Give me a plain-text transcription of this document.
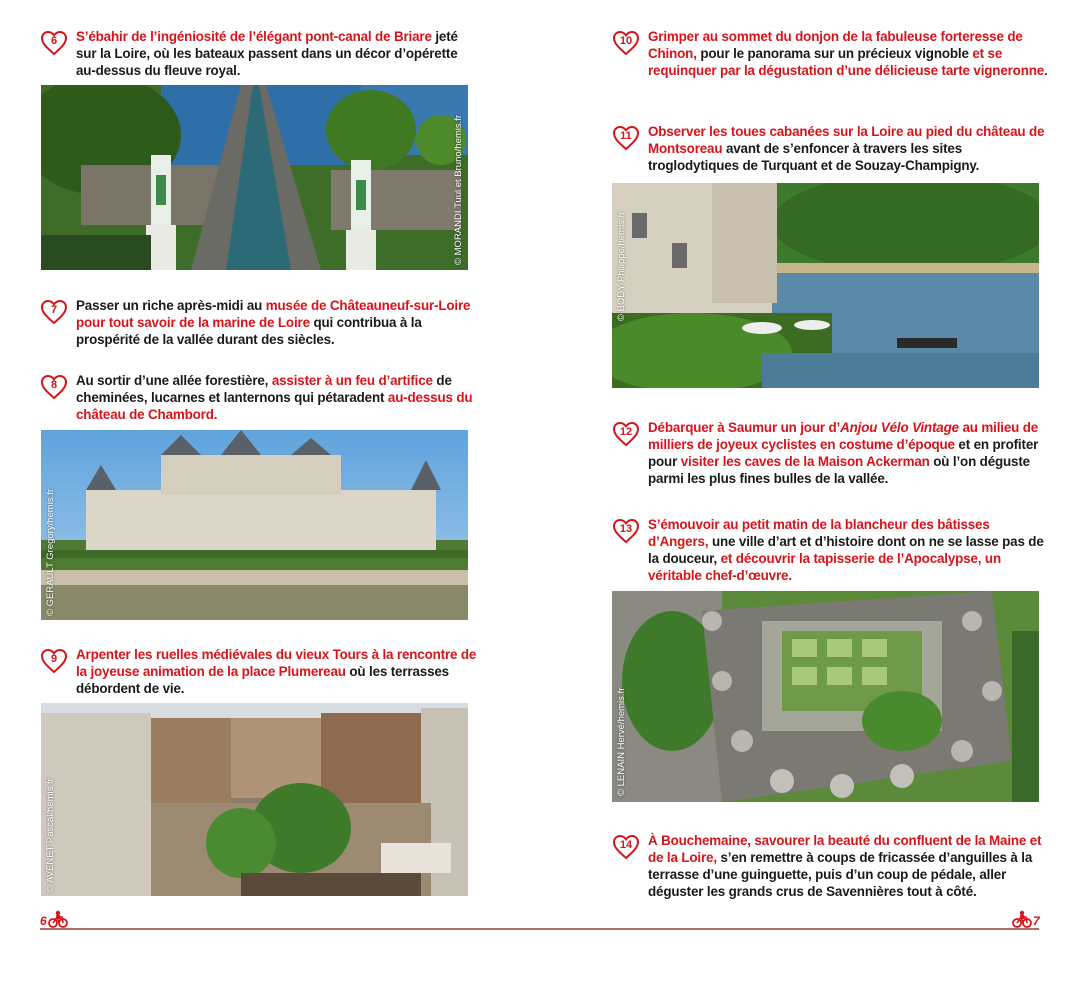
6	S’ébahir de l’ingéniosité de l’élégant pont-canal de Briare jeté sur la Loire, où les bateaux passent dans un décor d’opérette au-dessus du fleuve royal.

© MORANDI Tuul et Bruno/hemis.fr
7	Passer un riche après-midi au musée de Châteauneuf-sur-Loire pour tout savoir de la marine de Loire qui contribua à la prospérité de la vallée durant des siècles.

8	Au sortir d’une allée forestière, assister à un feu d’artifice de cheminées, lucarnes et lanternons qui pétaradent au-dessus du château de Chambord.

© GERAULT Gregory/hemis.fr
9	Arpenter les ruelles médiévales du vieux Tours à la rencontre de la joyeuse animation de la place Plumereau où les terrasses débordent de vie.

© AVENET Pascal/hemis.fr
6
10	Grimper au sommet du donjon de la fabuleuse forteresse de Chinon, pour le panorama sur un précieux vignoble et se requinquer par la dégustation d’une délicieuse tarte vigneronne.

11	Observer les toues cabanées sur la Loire au pied du château de Montsoreau avant de s’enfoncer à travers les sites troglodytiques de Turquant et de Souzay-Champigny.

© BODY Philippe/hemis.fr
12	Débarquer à Saumur un jour d’Anjou Vélo Vintage au milieu de milliers de joyeux cyclistes en costume d’époque et en profiter pour visiter les caves de la Maison Ackerman où l’on déguste parmi les plus fines bulles de la vallée.

13	S’émouvoir au petit matin de la blancheur des bâtisses d’Angers, une ville d’art et d’histoire dont on ne se lasse pas de la douceur, et découvrir la tapisserie de l’Apocalypse, un véritable chef-d’œuvre.

© LENAIN Hervé/hemis.fr
14	À Bouchemaine, savourer la beauté du confluent de la Maine et de la Loire, s’en remettre à coups de fricassée d’anguilles à la terrasse d’une guinguette, puis d’un coup de pédale, aller déguster les grands crus de Savennières tout à côté.

7
